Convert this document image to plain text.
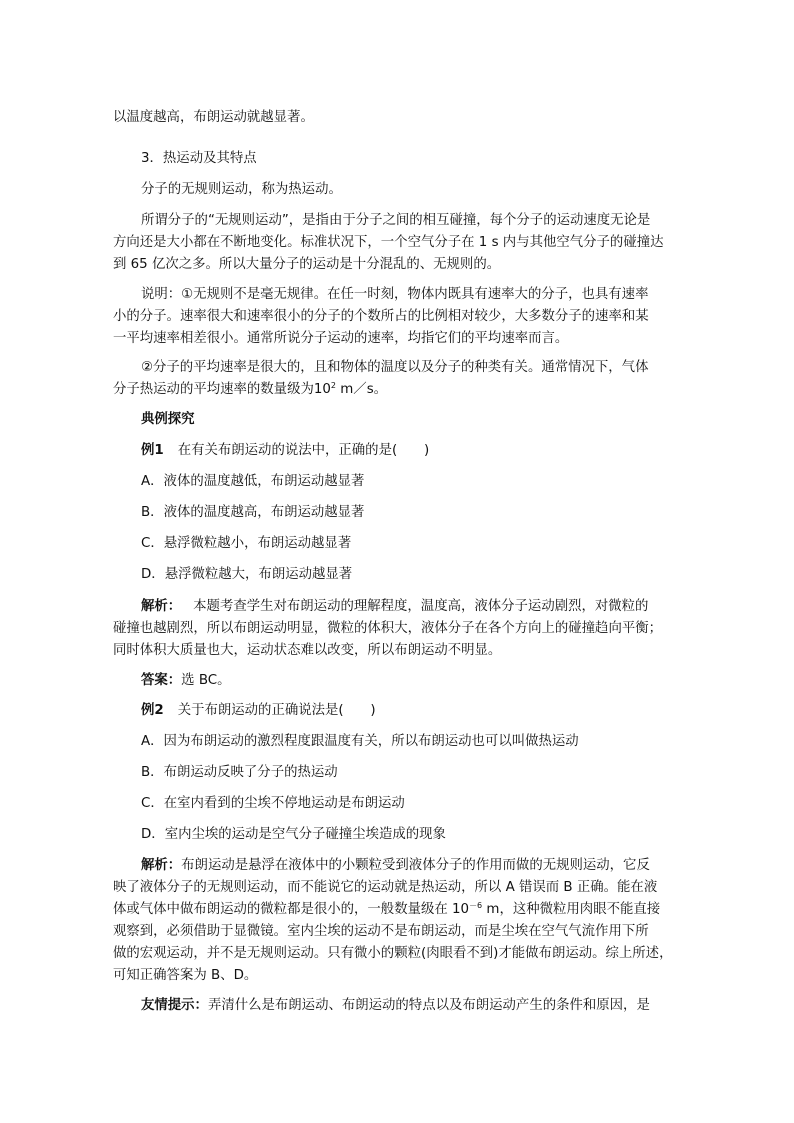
以温度越高，布朗运动就越显著。
3．热运动及其特点
分子的无规则运动，称为热运动。
所谓分子的“无规则运动”，是指由于分子之间的相互碰撞，每个分子的运动速度无论是
方向还是大小都在不断地变化。标准状况下，一个空气分子在 1 s 内与其他空气分子的碰撞达
到 65 亿次之多。所以大量分子的运动是十分混乱的、无规则的。
说明：①无规则不是毫无规律。在任一时刻，物体内既具有速率大的分子，也具有速率
小的分子。速率很大和速率很小的分子的个数所占的比例相对较少，大多数分子的速率和某
一平均速率相差很小。通常所说分子运动的速率，均指它们的平均速率而言。
②分子的平均速率是很大的，且和物体的温度以及分子的种类有关。通常情况下，气体
分子热运动的平均速率的数量级为$10^2$ m／s。
典例探究
例1 在有关布朗运动的说法中，正确的是(　　)
A．液体的温度越低，布朗运动越显著
B．液体的温度越高，布朗运动越显著
C．悬浮微粒越小，布朗运动越显著
D．悬浮微粒越大，布朗运动越显著
解析： 本题考查学生对布朗运动的理解程度，温度高，液体分子运动剧烈，对微粒的
碰撞也越剧烈，所以布朗运动明显，微粒的体积大，液体分子在各个方向上的碰撞趋向平衡；
同时体积大质量也大，运动状态难以改变，所以布朗运动不明显。
答案：选 BC。
例2 关于布朗运动的正确说法是(　　)
A．因为布朗运动的激烈程度跟温度有关，所以布朗运动也可以叫做热运动
B．布朗运动反映了分子的热运动
C．在室内看到的尘埃不停地运动是布朗运动
D．室内尘埃的运动是空气分子碰撞尘埃造成的现象
解析：布朗运动是悬浮在液体中的小颗粒受到液体分子的作用而做的无规则运动，它反
映了液体分子的无规则运动，而不能说它的运动就是热运动，所以 A 错误而 B 正确。能在液
体或气体中做布朗运动的微粒都是很小的，一般数量级在 $10^{-6}$ m，这种微粒用肉眼不能直接
观察到，必须借助于显微镜。室内尘埃的运动不是布朗运动，而是尘埃在空气气流作用下所
做的宏观运动，并不是无规则运动。只有微小的颗粒(肉眼看不到)才能做布朗运动。综上所述，
可知正确答案为 B、D。
友情提示：弄清什么是布朗运动、布朗运动的特点以及布朗运动产生的条件和原因，是
